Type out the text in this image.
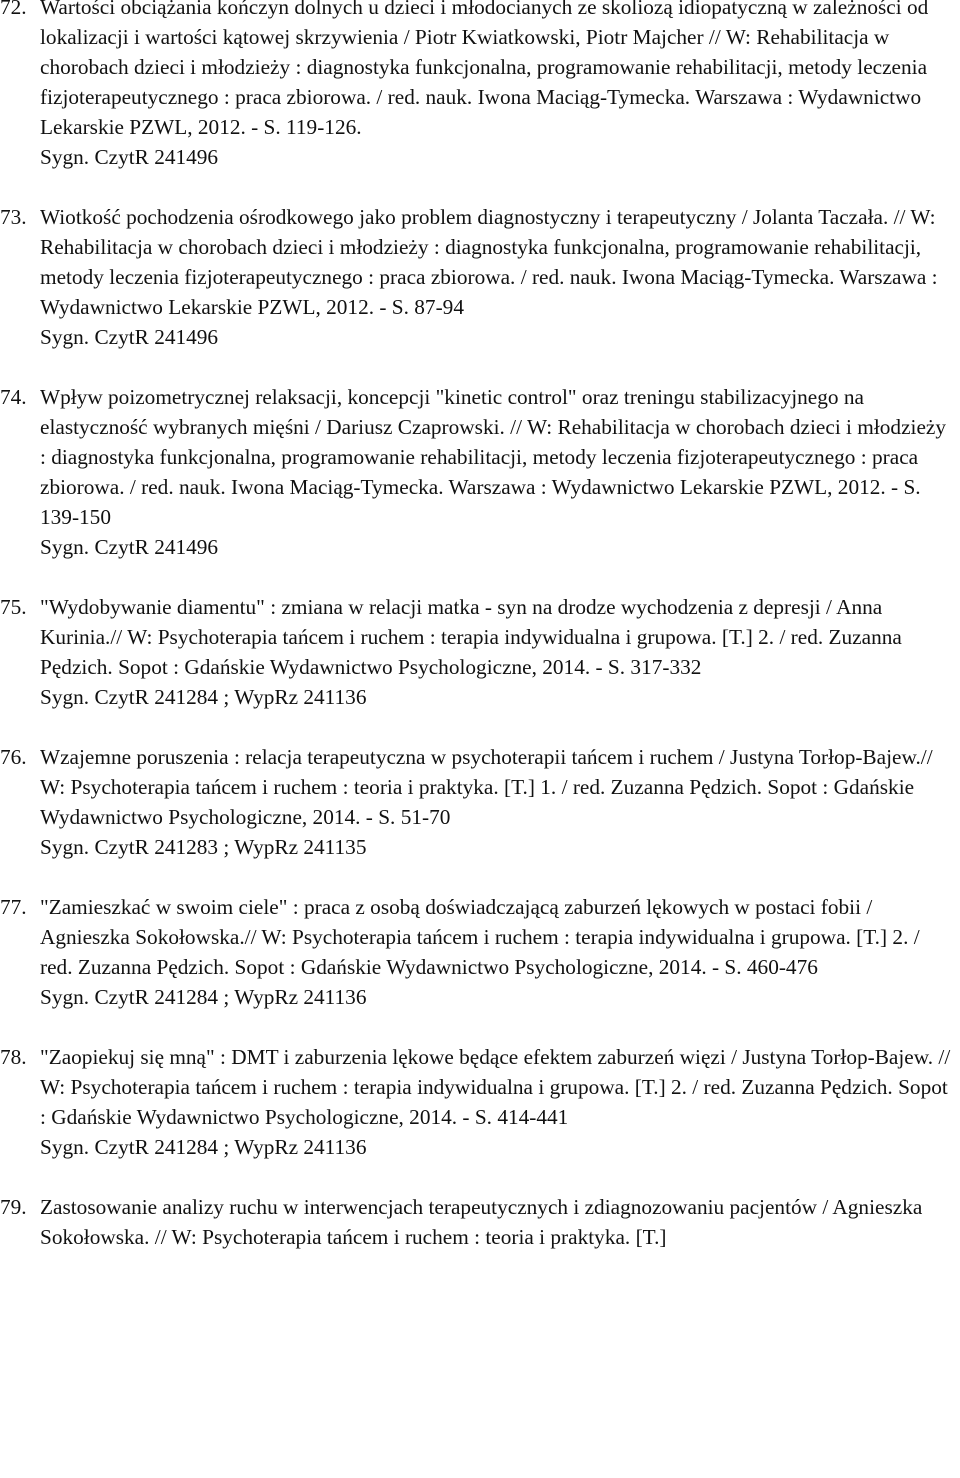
72. Wartości obciążania kończyn dolnych u dzieci i młodocianych ze skoliozą idiopatyczną w zależności od lokalizacji i wartości kątowej skrzywienia / Piotr Kwiatkowski, Piotr Majcher // W: Rehabilitacja w chorobach dzieci i młodzieży : diagnostyka funkcjonalna, programowanie rehabilitacji, metody leczenia fizjoterapeutycznego : praca zbiorowa. / red. nauk. Iwona Maciąg-Tymecka. Warszawa : Wydawnictwo Lekarskie PZWL, 2012. - S. 119-126.
Sygn. CzytR 241496
73. Wiotkość pochodzenia ośrodkowego jako problem diagnostyczny i terapeutyczny / Jolanta Taczała. // W: Rehabilitacja w chorobach dzieci i młodzieży : diagnostyka funkcjonalna, programowanie rehabilitacji, metody leczenia fizjoterapeutycznego : praca zbiorowa. / red. nauk. Iwona Maciąg-Tymecka. Warszawa : Wydawnictwo Lekarskie PZWL, 2012. - S. 87-94
Sygn. CzytR 241496
74. Wpływ poizometrycznej relaksacji, koncepcji "kinetic control" oraz treningu stabilizacyjnego na elastyczność wybranych mięśni / Dariusz Czaprowski. // W: Rehabilitacja w chorobach dzieci i młodzieży : diagnostyka funkcjonalna, programowanie rehabilitacji, metody leczenia fizjoterapeutycznego : praca zbiorowa. / red. nauk. Iwona Maciąg-Tymecka. Warszawa : Wydawnictwo Lekarskie PZWL, 2012. - S. 139-150
Sygn. CzytR 241496
75. "Wydobywanie diamentu" : zmiana w relacji matka - syn na drodze wychodzenia z depresji / Anna Kurinia.// W: Psychoterapia tańcem i ruchem : terapia indywidualna i grupowa. [T.] 2. / red. Zuzanna Pędzich. Sopot : Gdańskie Wydawnictwo Psychologiczne, 2014. - S. 317-332
Sygn. CzytR 241284 ; WypRz 241136
76. Wzajemne poruszenia : relacja terapeutyczna w psychoterapii tańcem i ruchem / Justyna Torłop-Bajew.// W: Psychoterapia tańcem i ruchem : teoria i praktyka. [T.] 1. / red. Zuzanna Pędzich. Sopot : Gdańskie Wydawnictwo Psychologiczne, 2014. - S. 51-70
Sygn. CzytR 241283 ; WypRz 241135
77. "Zamieszkać w swoim ciele" : praca z osobą doświadczającą zaburzeń lękowych w postaci fobii / Agnieszka Sokołowska.// W: Psychoterapia tańcem i ruchem : terapia indywidualna i grupowa. [T.] 2. / red. Zuzanna Pędzich. Sopot : Gdańskie Wydawnictwo Psychologiczne, 2014. - S. 460-476
Sygn. CzytR 241284 ; WypRz 241136
78. "Zaopiekuj się mną" : DMT i zaburzenia lękowe będące efektem zaburzeń więzi / Justyna Torłop-Bajew. // W: Psychoterapia tańcem i ruchem : terapia indywidualna i grupowa. [T.] 2. / red. Zuzanna Pędzich. Sopot : Gdańskie Wydawnictwo Psychologiczne, 2014. - S. 414-441
Sygn. CzytR 241284 ; WypRz 241136
79. Zastosowanie analizy ruchu w interwencjach terapeutycznych i zdiagnozowaniu pacjentów / Agnieszka Sokołowska. // W: Psychoterapia tańcem i ruchem : teoria i praktyka. [T.]
